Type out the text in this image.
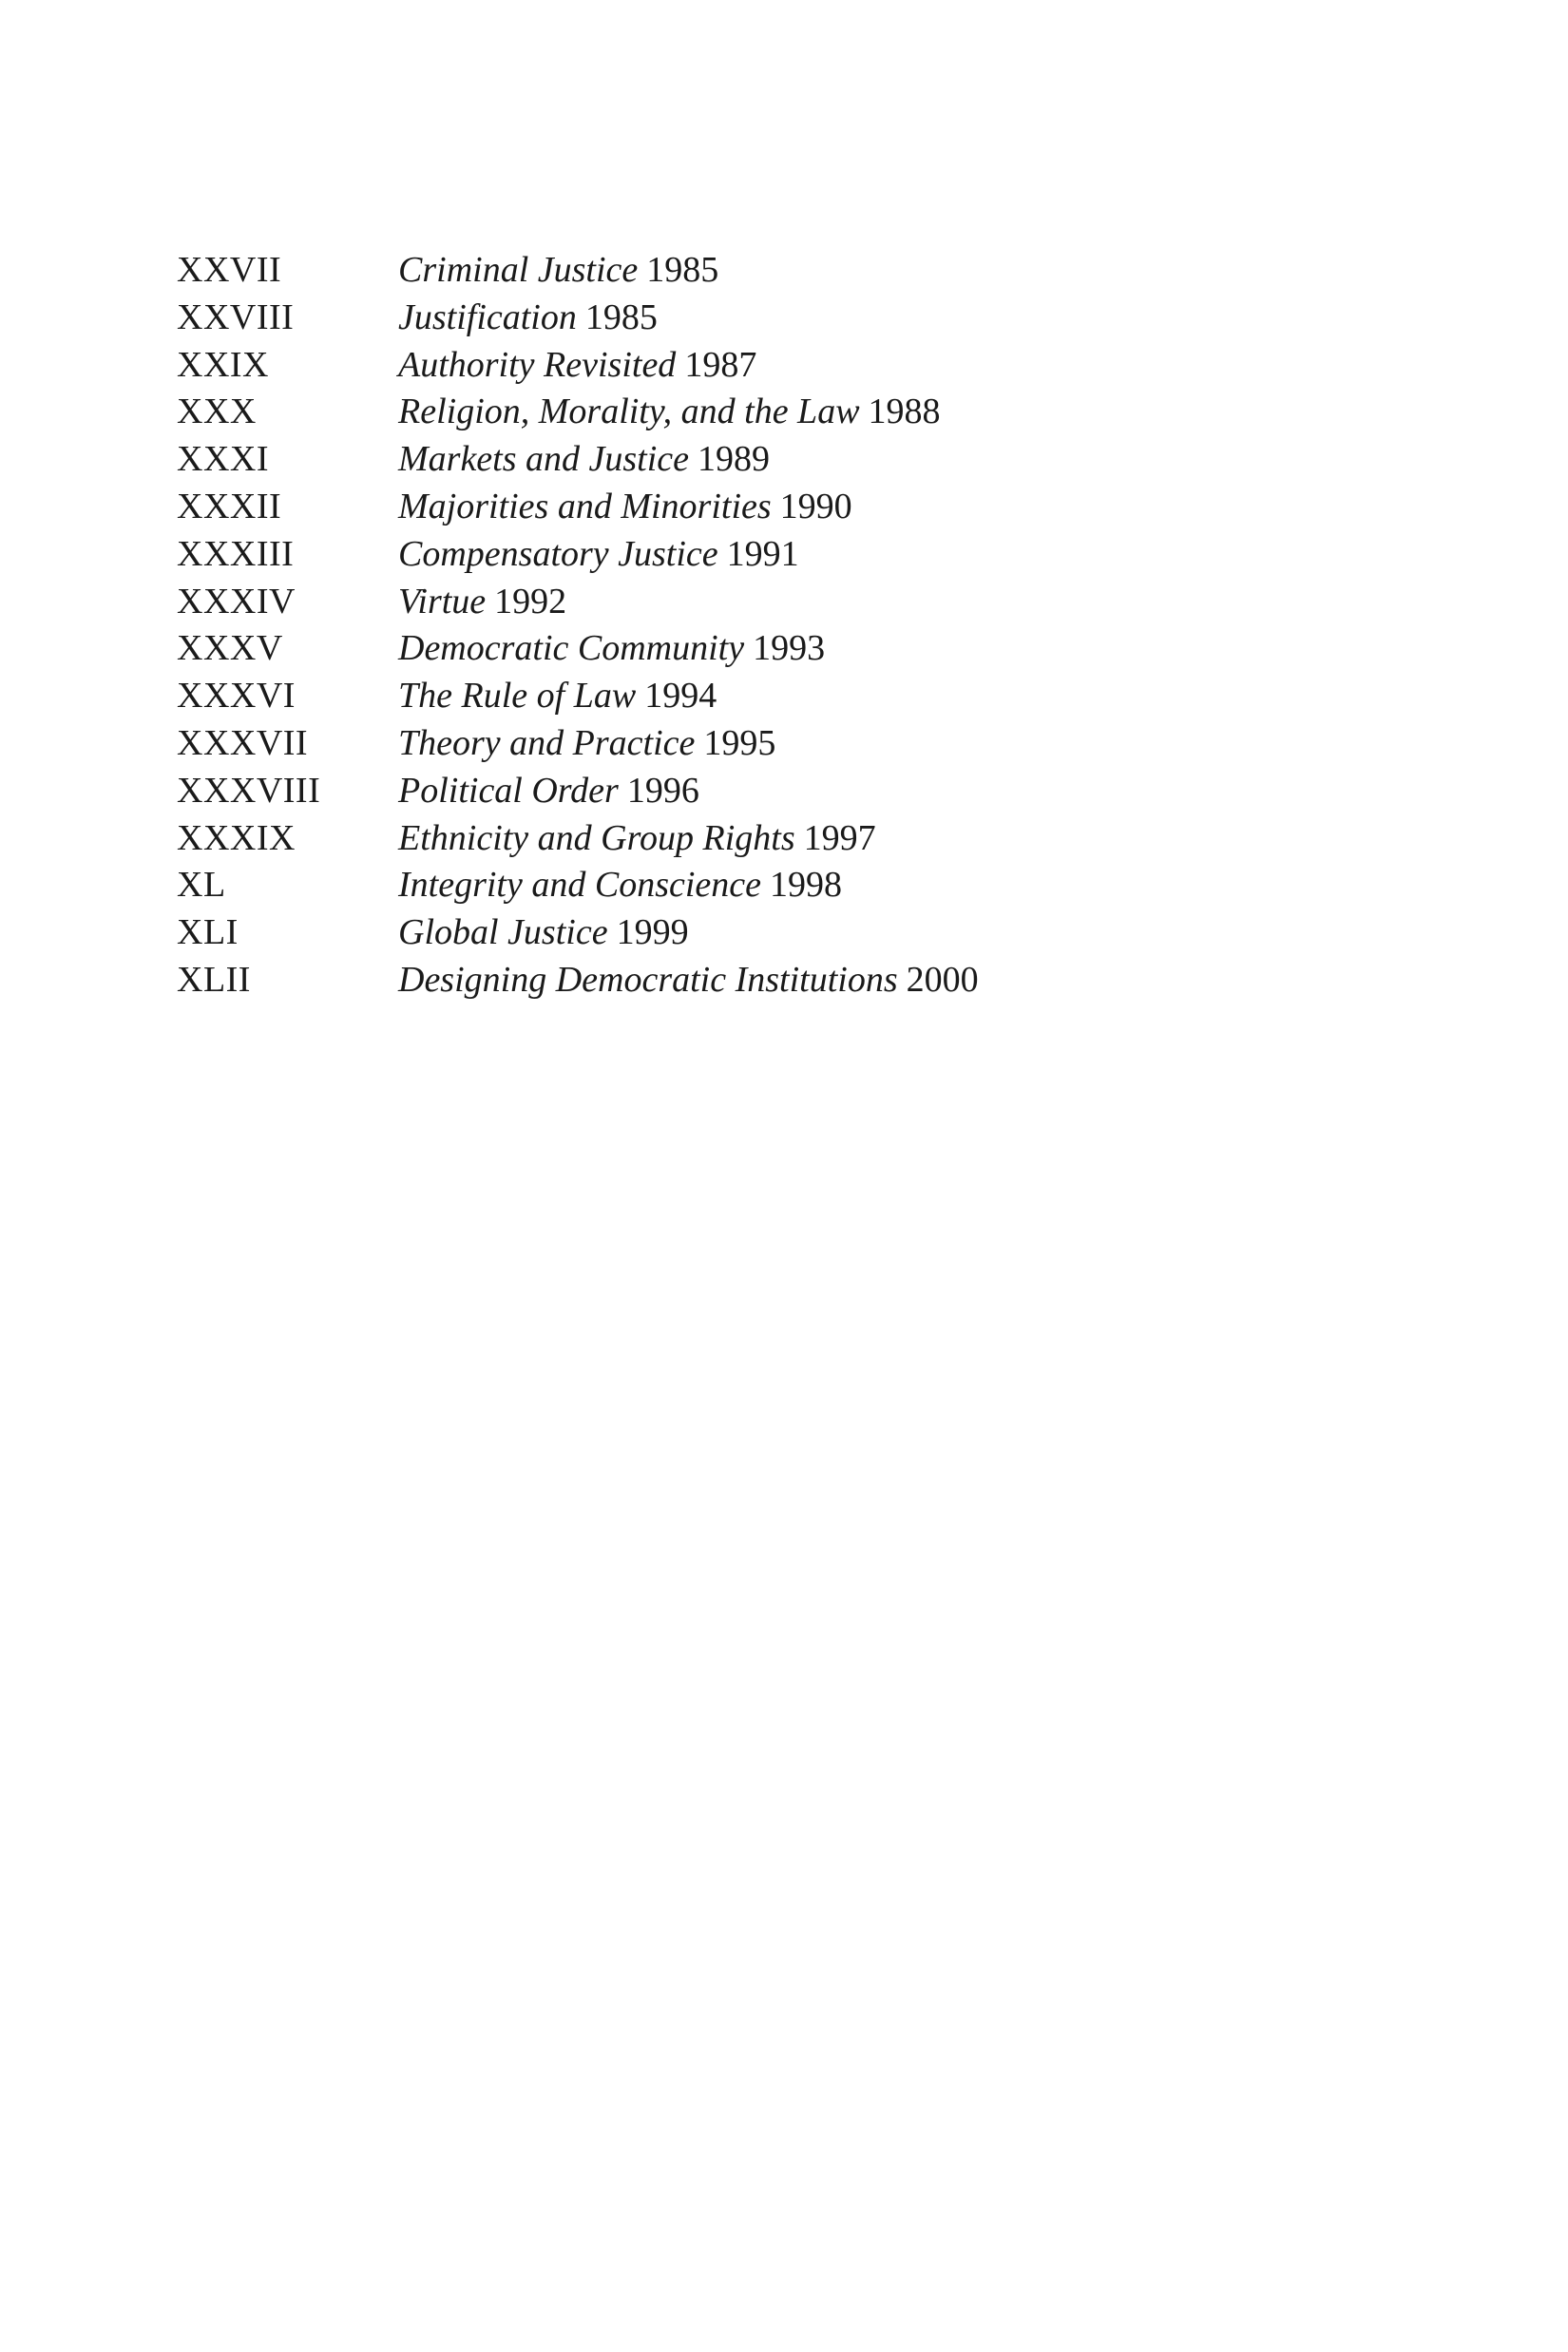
XXVII	Criminal Justice 1985
XXVIII	Justification 1985
XXIX	Authority Revisited 1987
XXX	Religion, Morality, and the Law 1988
XXXI	Markets and Justice 1989
XXXII	Majorities and Minorities 1990
XXXIII	Compensatory Justice 1991
XXXIV	Virtue 1992
XXXV	Democratic Community 1993
XXXVI	The Rule of Law 1994
XXXVII	Theory and Practice 1995
XXXVIII	Political Order 1996
XXXIX	Ethnicity and Group Rights 1997
XL	Integrity and Conscience 1998
XLI	Global Justice 1999
XLII	Designing Democratic Institutions 2000
